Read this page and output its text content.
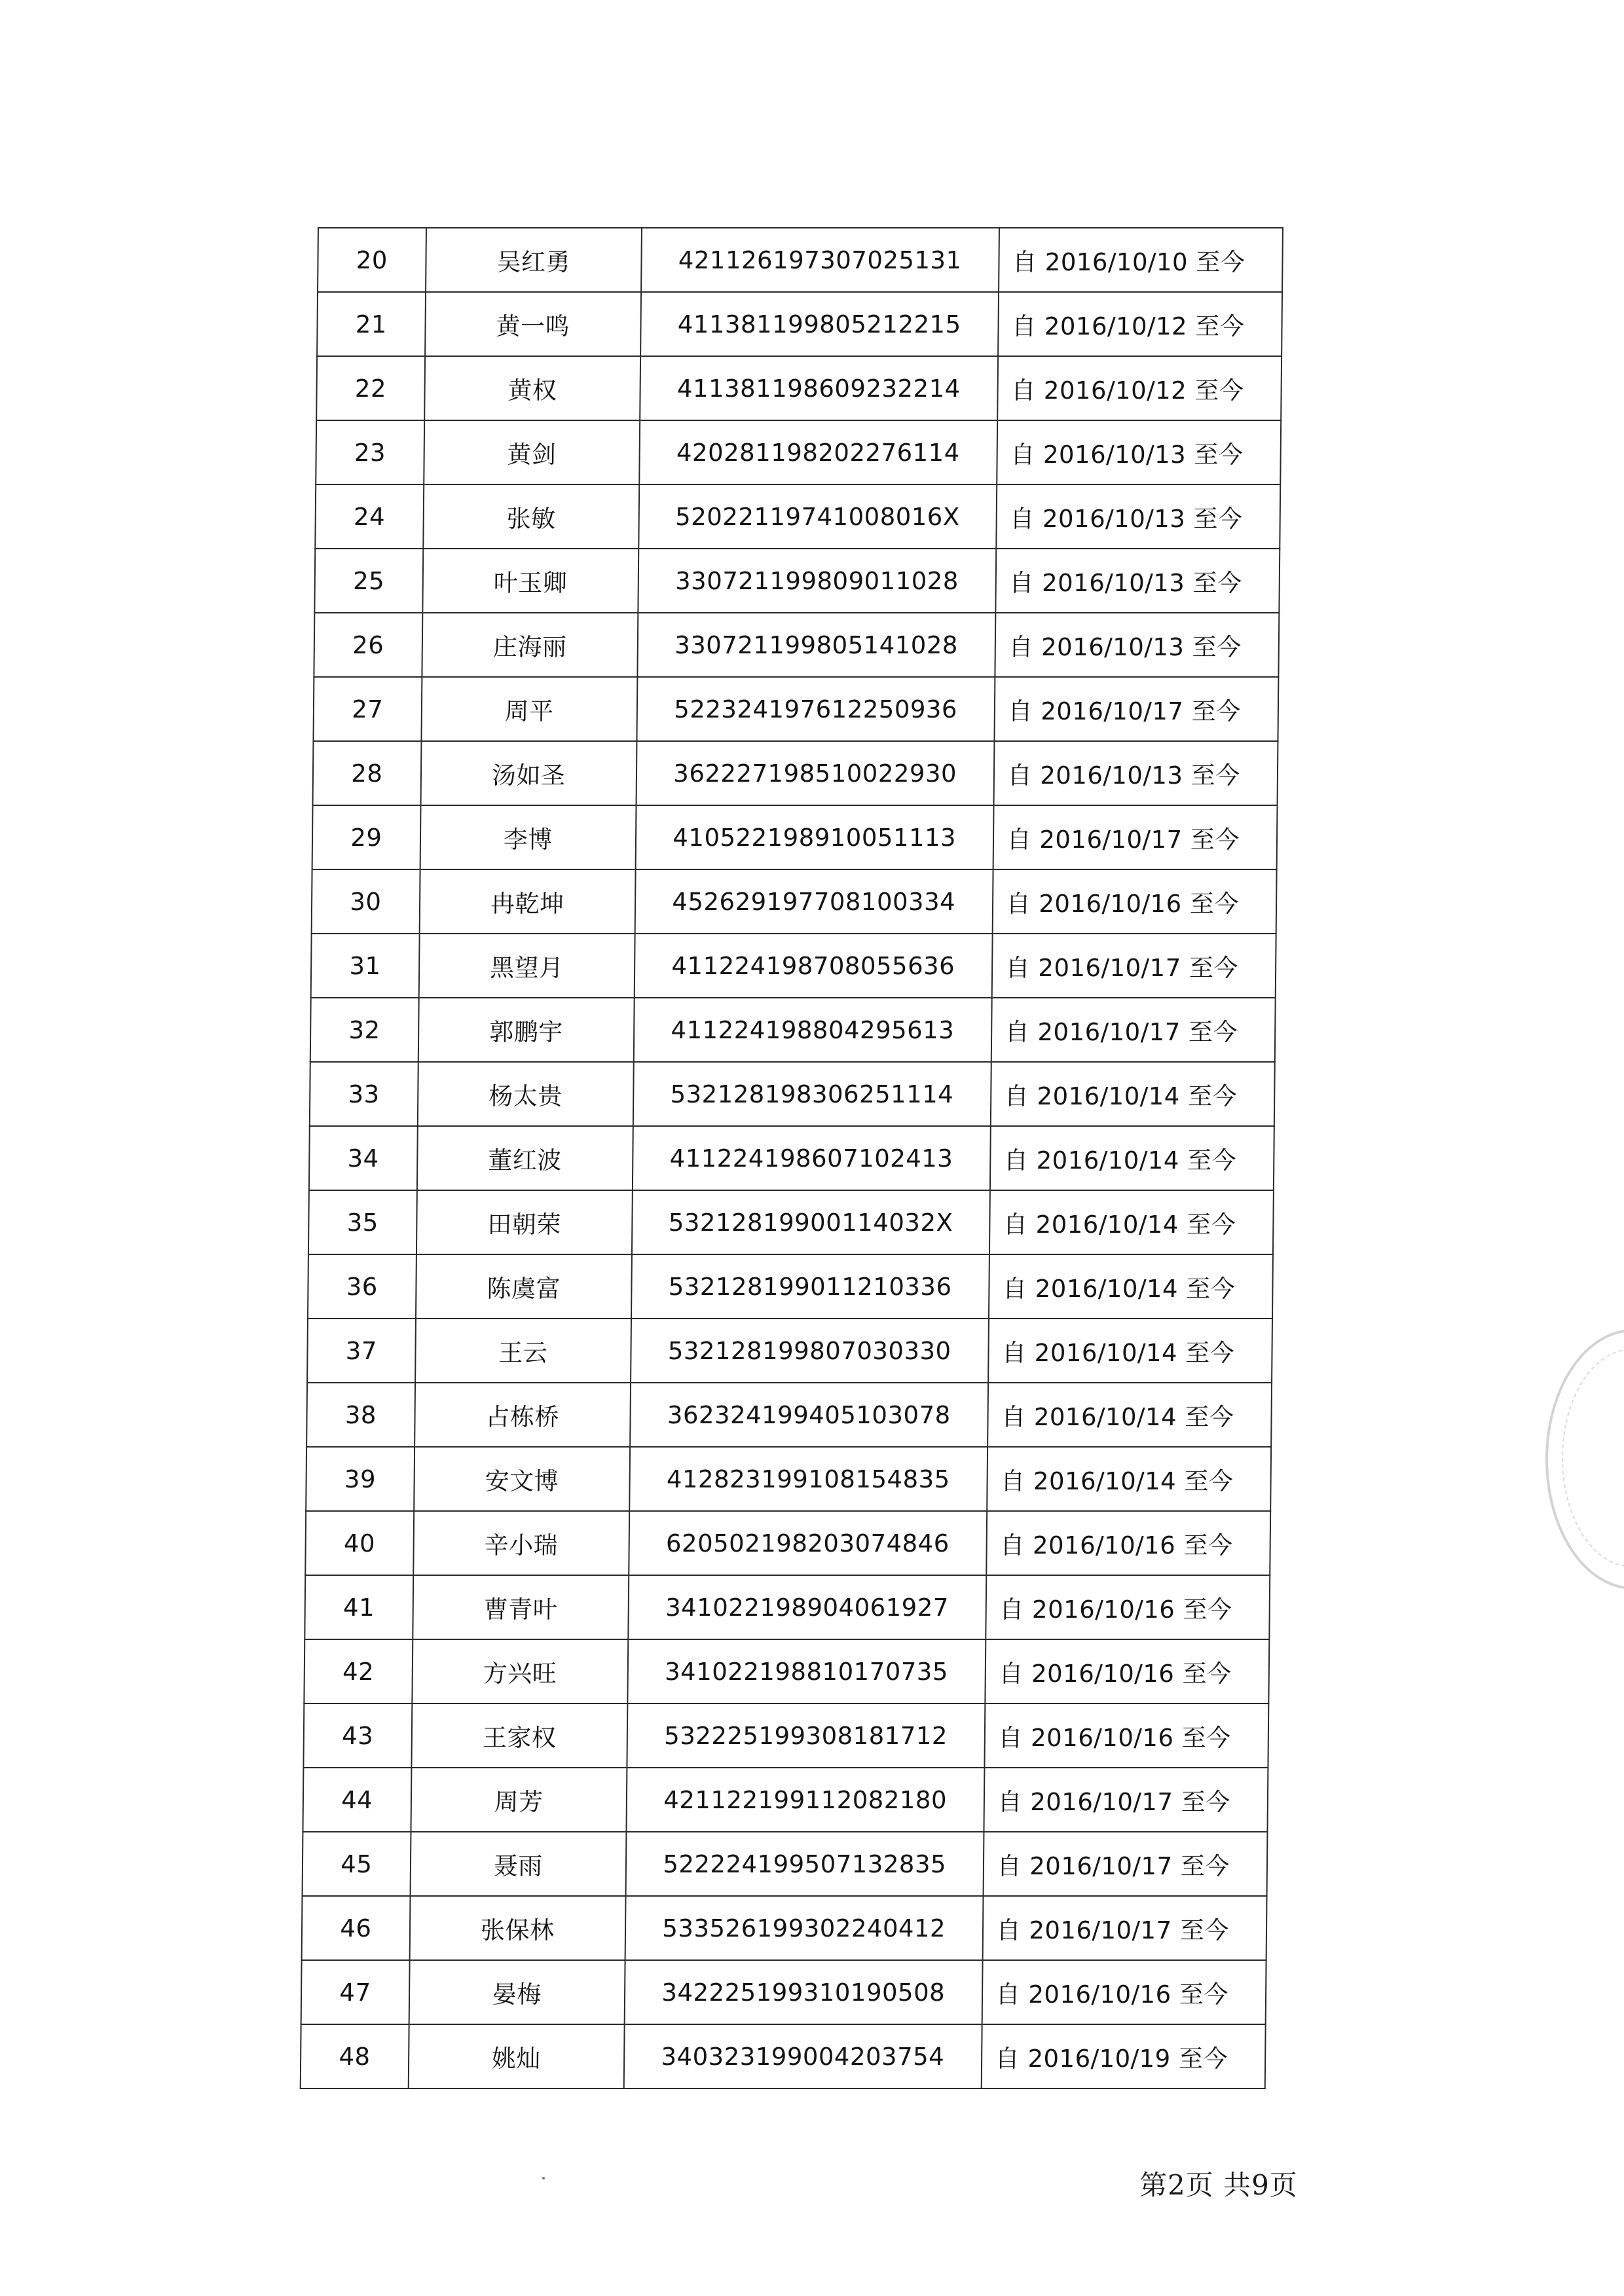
20	吴红勇	421126197307025131	自 2016/10/10 至今
21	黄一鸣	411381199805212215	自 2016/10/12 至今
22	黄权	411381198609232214	自 2016/10/12 至今
23	黄剑	420281198202276114	自 2016/10/13 至今
24	张敏	52022119741008016X	自 2016/10/13 至今
25	叶玉卿	330721199809011028	自 2016/10/13 至今
26	庄海丽	330721199805141028	自 2016/10/13 至今
27	周平	522324197612250936	自 2016/10/17 至今
28	汤如圣	362227198510022930	自 2016/10/13 至今
29	李博	410522198910051113	自 2016/10/17 至今
30	冉乾坤	452629197708100334	自 2016/10/16 至今
31	黑望月	411224198708055636	自 2016/10/17 至今
32	郭鹏宇	411224198804295613	自 2016/10/17 至今
33	杨太贵	532128198306251114	自 2016/10/14 至今
34	董红波	411224198607102413	自 2016/10/14 至今
35	田朝荣	53212819900114032X	自 2016/10/14 至今
36	陈虞富	532128199011210336	自 2016/10/14 至今
37	王云	532128199807030330	自 2016/10/14 至今
38	占栋桥	362324199405103078	自 2016/10/14 至今
39	安文博	412823199108154835	自 2016/10/14 至今
40	辛小瑞	620502198203074846	自 2016/10/16 至今
41	曹青叶	341022198904061927	自 2016/10/16 至今
42	方兴旺	341022198810170735	自 2016/10/16 至今
43	王家权	532225199308181712	自 2016/10/16 至今
44	周芳	421122199112082180	自 2016/10/17 至今
45	聂雨	522224199507132835	自 2016/10/17 至今
46	张保林	533526199302240412	自 2016/10/17 至今
47	晏梅	342225199310190508	自 2016/10/16 至今
48	姚灿	340323199004203754	自 2016/10/19 至今
第2页 共9页
